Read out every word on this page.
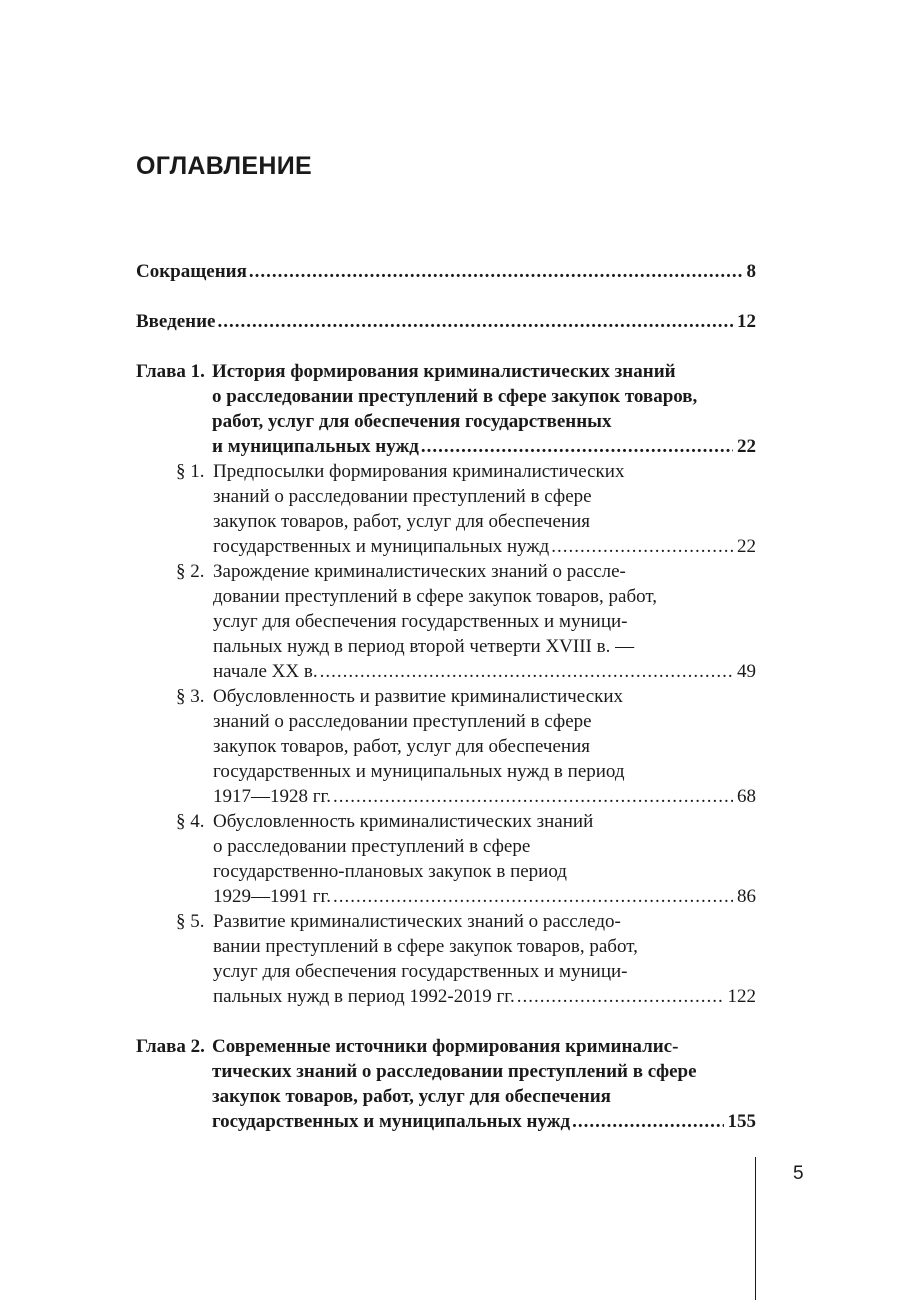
ОГЛАВЛЕНИЕ
Сокращения .....	8
Введение .....	12
Глава 1. История формирования криминалистических знаний
о расследовании преступлений в сфере закупок товаров,
работ, услуг для обеспечения государственных
и муниципальных нужд .....	22
§ 1. Предпосылки формирования криминалистических
знаний о расследовании преступлений в сфере
закупок товаров, работ, услуг для обеспечения
государственных и муниципальных нужд .....	22
§ 2. Зарождение криминалистических знаний о рассле-
довании преступлений в сфере закупок товаров, работ,
услуг для обеспечения государственных и муници-
пальных нужд в период второй четверти XVIII в. —
начале XX в. .....	49
§ 3. Обусловленность и развитие криминалистических
знаний о расследовании преступлений в сфере
закупок товаров, работ, услуг для обеспечения
государственных и муниципальных нужд в период
1917—1928 гг. .....	68
§ 4. Обусловленность криминалистических знаний
о расследовании преступлений в сфере
государственно-плановых закупок в период
1929—1991 гг. .....	86
§ 5. Развитие криминалистических знаний о расследо-
вании преступлений в сфере закупок товаров, работ,
услуг для обеспечения государственных и муници-
пальных нужд в период 1992-2019 гг. .....	122
Глава 2. Современные источники формирования криминалис-
тических знаний о расследовании преступлений в сфере
закупок товаров, работ, услуг для обеспечения
государственных и муниципальных нужд .....	155
5
